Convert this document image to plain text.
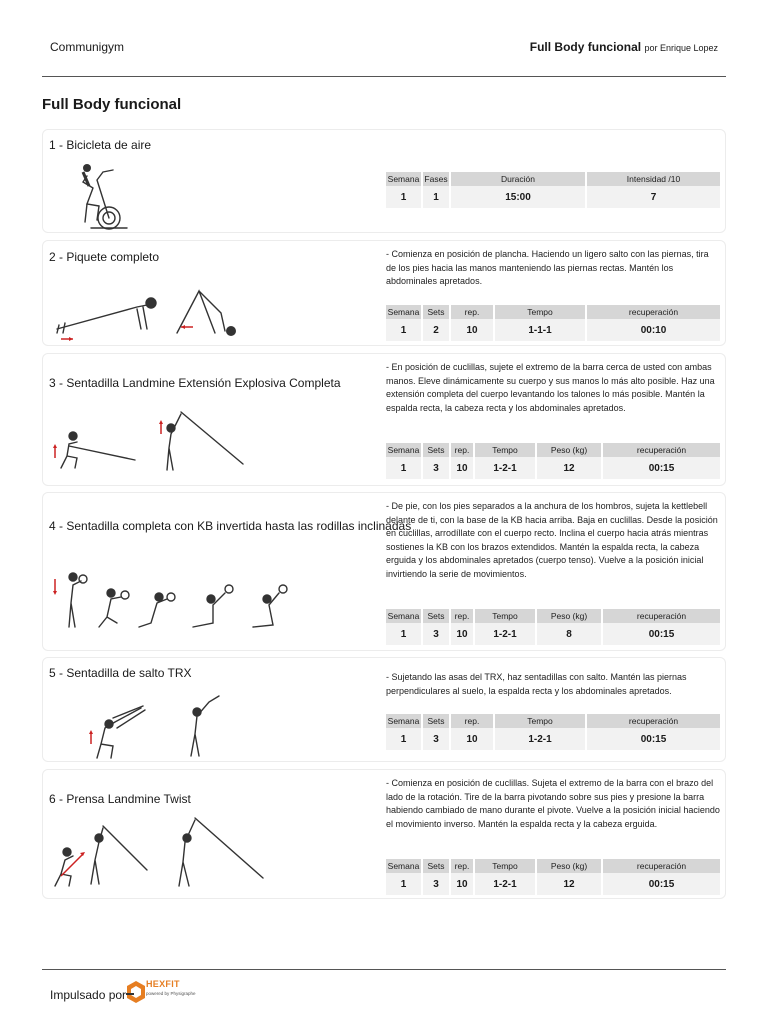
Communigym	Full Body funcional por Enrique Lopez
Full Body funcional
1 - Bicicleta de aire
Semana	Fases	Duración	Intensidad /10
1	1	15:00	7
2 - Piquete completo	- Comienza en posición de plancha. Haciendo un ligero salto con las piernas, tira de los pies hacia las manos manteniendo las piernas rectas. Mantén los abdominales apretados.
Semana	Sets	rep.	Tempo	recuperación
1	2	10	1-1-1	00:10
3 - Sentadilla Landmine Extensión Explosiva Completa
- En posición de cuclillas, sujete el extremo de la barra cerca de usted con ambas manos. Eleve dinámicamente su cuerpo y sus manos lo más alto posible. Haz una extensión completa del cuerpo levantando los talones lo más posible. Mantén la espalda recta, la cabeza recta y los abdominales apretados.
Semana	Sets	rep.	Tempo	Peso (kg)	recuperación
1	3	10	1-2-1	12	00:15
4 - Sentadilla completa con KB invertida hasta las rodillas inclinadas
- De pie, con los pies separados a la anchura de los hombros, sujeta la kettlebell delante de ti, con la base de la KB hacia arriba. Baja en cuclillas. Desde la posición en cuclillas, arrodíllate con el cuerpo recto. Inclina el cuerpo hacia atrás mientras sostienes la KB con los brazos extendidos. Mantén la espalda recta, la cabeza erguida y los abdominales apretados (cuerpo tenso). Vuelve a la posición inicial invirtiendo la serie de movimientos.
Semana	Sets	rep.	Tempo	Peso (kg)	recuperación
1	3	10	1-2-1	8	00:15
5 - Sentadilla de salto TRX	- Sujetando las asas del TRX, haz sentadillas con salto. Mantén las piernas perpendiculares al suelo, la espalda recta y los abdominales apretados.
Semana	Sets	rep.	Tempo	recuperación
1	3	10	1-2-1	00:15
6 - Prensa Landmine Twist
- Comienza en posición de cuclillas. Sujeta el extremo de la barra con el brazo del lado de la rotación. Tire de la barra pivotando sobre sus pies y presione la barra habiendo cambiado de mano durante el pivote. Vuelve a la posición inicial haciendo el movimiento inverso. Mantén la espalda recta y la cabeza erguida.
Semana	Sets	rep.	Tempo	Peso (kg)	recuperación
1	3	10	1-2-1	12	00:15
Impulsado por
HEXFIT
powered by Physigraphe
